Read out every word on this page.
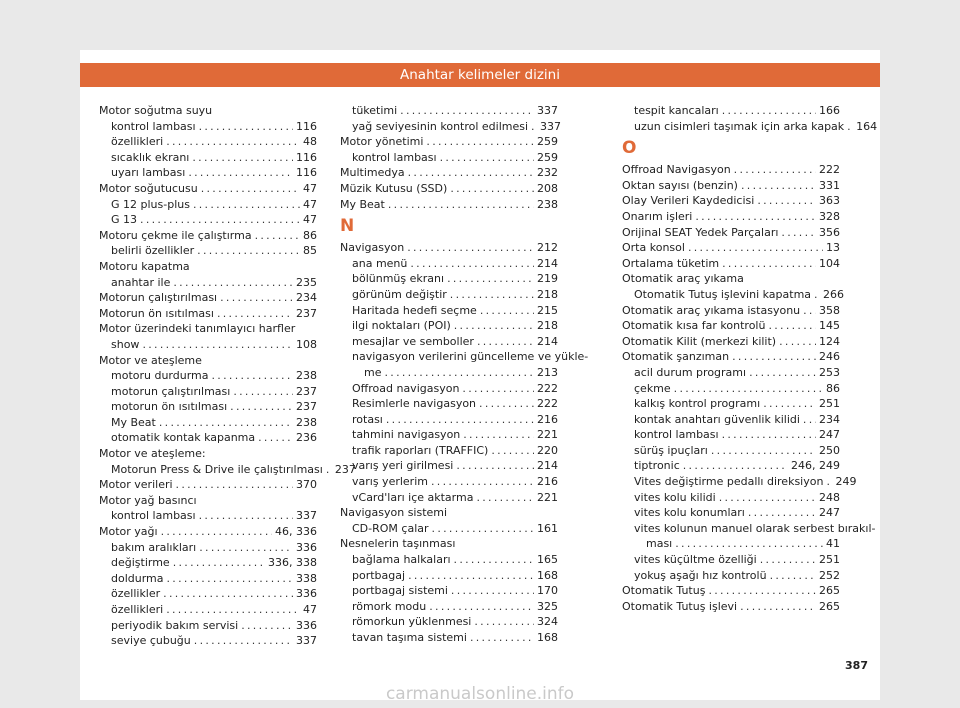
Anahtar kelimeler dizini
Motor soğutma suyu
kontrol lambası . . .	116
özellikleri . . .	48
sıcaklık ekranı . . .	116
uyarı lambası . . .	116
Motor soğutucusu . . .	47
G 12 plus-plus . . .	47
G 13 . . .	47
Motoru çekme ile çalıştırma . . .	86
belirli özellikler . . .	85
Motoru kapatma
anahtar ile . . .	235
Motorun çalıştırılması . . .	234
Motorun ön ısıtılması . . .	237
Motor üzerindeki tanımlayıcı harfler
show . . .	108
Motor ve ateşleme
motoru durdurma . . .	238
motorun çalıştırılması . . .	237
motorun ön ısıtılması . . .	237
My Beat . . .	238
otomatik kontak kapanma . . .	236
Motor ve ateşleme:
Motorun Press & Drive ile çalıştırılması . . . 237
Motor verileri . . .	370
Motor yağ basıncı
kontrol lambası . . .	337
Motor yağı . . .	46, 336
bakım aralıkları . . .	336
değiştirme . . .	336, 338
doldurma . . .	338
özellikler . . .	336
özellikleri . . .	47
periyodik bakım servisi . . .	336
seviye çubuğu . . .	337
tüketimi . . .	337
yağ seviyesinin kontrol edilmesi . . . 337
Motor yönetimi . . .	259
kontrol lambası . . .	259
Multimedya . . .	232
Müzik Kutusu (SSD) . . .	208
My Beat . . .	238
N
Navigasyon . . .	212
ana menü . . .	214
bölünmüş ekranı . . .	219
görünüm değiştir . . .	218
Haritada hedefi seçme . . .	215
ilgi noktaları (POI) . . .	218
mesajlar ve semboller . . .	214
navigasyon verilerini güncelleme ve yükle-
me . . .	213
Offroad navigasyon . . .	222
Resimlerle navigasyon . . .	222
rotası . . .	216
tahmini navigasyon . . .	221
trafik raporları (TRAFFIC) . . .	220
varış yeri girilmesi . . .	214
varış yerlerim . . .	216
vCard'ları içe aktarma . . .	221
Navigasyon sistemi
CD-ROM çalar . . .	161
Nesnelerin taşınması
bağlama halkaları . . .	165
portbagaj . . .	168
portbagaj sistemi . . .	170
römork modu . . .	325
römorkun yüklenmesi . . .	324
tavan taşıma sistemi . . .	168
tespit kancaları . . .	166
uzun cisimleri taşımak için arka kapak . . . 164
O
Offroad Navigasyon . . .	222
Oktan sayısı (benzin) . . .	331
Olay Verileri Kaydedicisi . . .	363
Onarım işleri . . .	328
Orijinal SEAT Yedek Parçaları . . .	356
Orta konsol . . .	13
Ortalama tüketim . . .	104
Otomatik araç yıkama
Otomatik Tutuş işlevini kapatma . . . 266
Otomatik araç yıkama istasyonu . . . 358
Otomatik kısa far kontrolü . . .	145
Otomatik Kilit (merkezi kilit) . . .	124
Otomatik şanzıman . . .	246
acil durum programı . . .	253
çekme . . .	86
kalkış kontrol programı . . .	251
kontak anahtarı güvenlik kilidi . . . 234
kontrol lambası . . .	247
sürüş ipuçları . . .	250
tiptronic . . .	246, 249
Vites değiştirme pedallı direksiyon . . . 249
vites kolu kilidi . . .	248
vites kolu konumları . . .	247
vites kolunun manuel olarak serbest bırakıl-
ması . . .	41
vites küçültme özelliği . . .	251
yokuş aşağı hız kontrolü . . .	252
Otomatik Tutuş . . .	265
Otomatik Tutuş işlevi . . .	265
387
carmanualsonline.info
